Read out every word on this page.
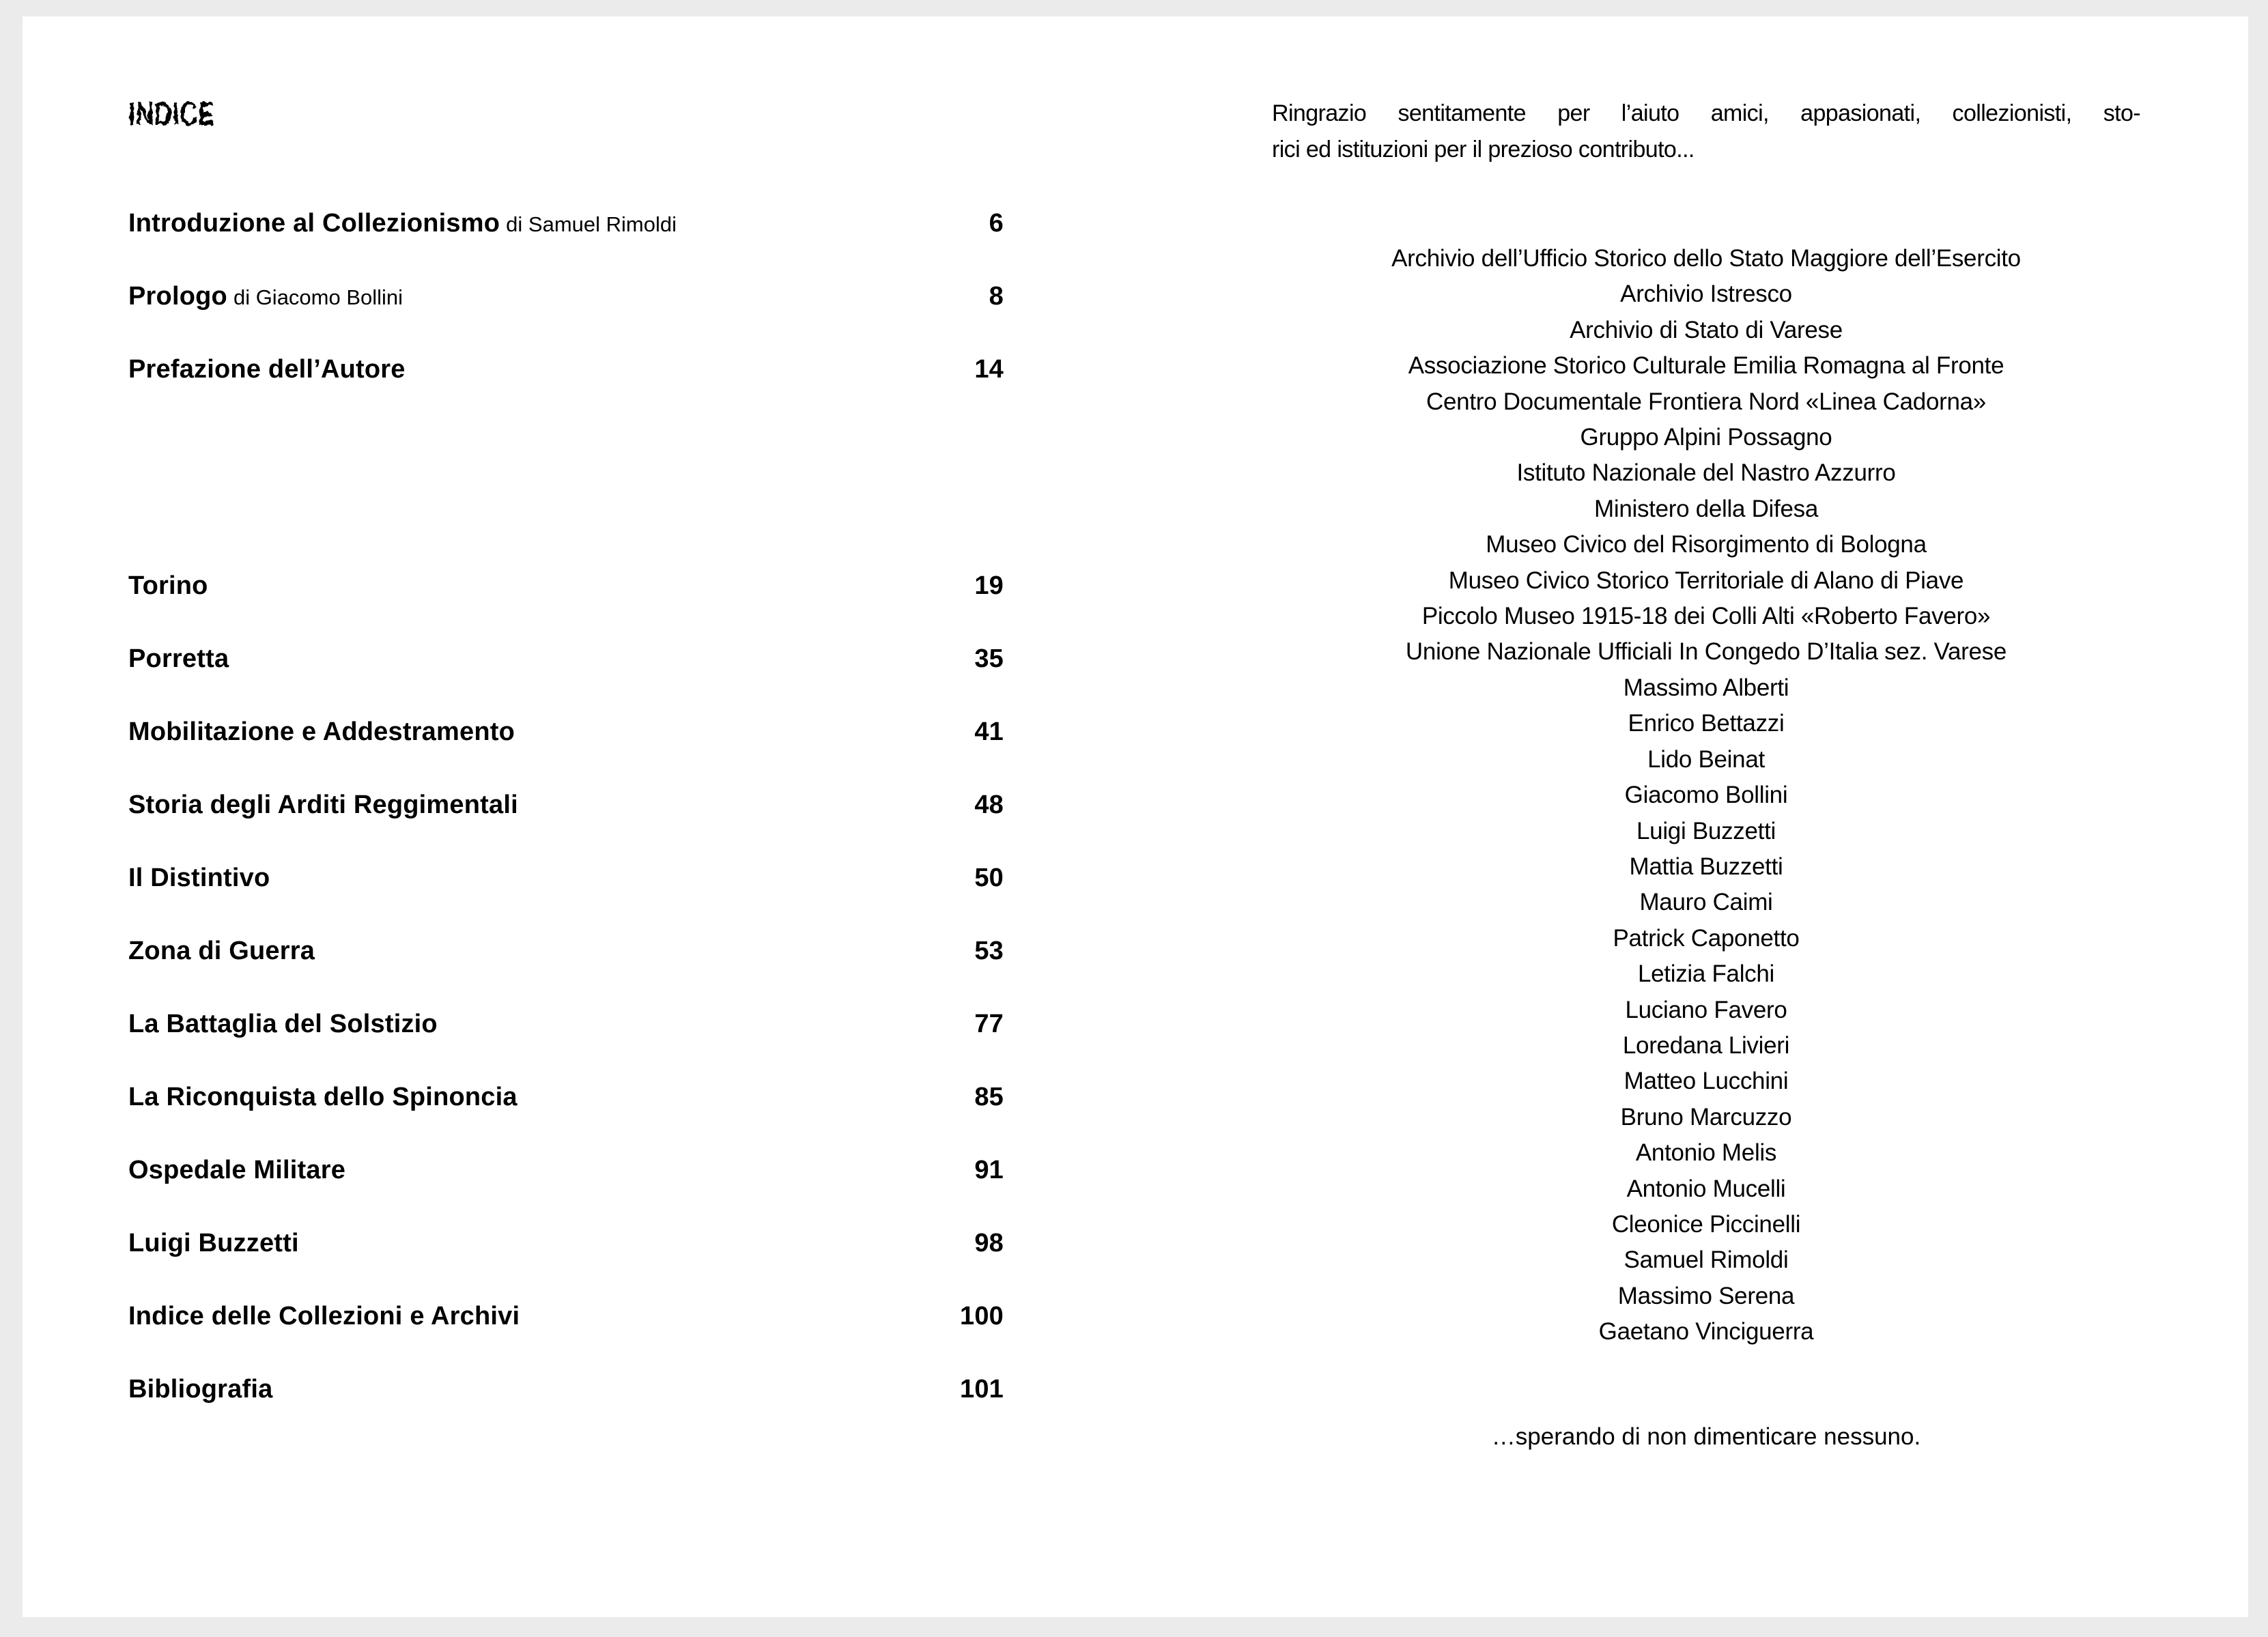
INDICE
Introduzione al Collezionismo di Samuel Rimoldi	6
Prologo di Giacomo Bollini	8
Prefazione dell’Autore	14
Torino	19
Porretta	35
Mobilitazione e Addestramento	41
Storia degli Arditi Reggimentali	48
Il Distintivo	50
Zona di Guerra	53
La Battaglia del Solstizio	77
La Riconquista dello Spinoncia	85
Ospedale Militare	91
Luigi Buzzetti	98
Indice delle Collezioni e Archivi	100
Bibliografia	101
Ringrazio sentitamente per l’aiuto amici, appasionati, collezionisti, sto-
rici ed istituzioni per il prezioso contributo...
Archivio dell’Ufficio Storico dello Stato Maggiore dell’Esercito
Archivio Istresco
Archivio di Stato di Varese
Associazione Storico Culturale Emilia Romagna al Fronte
Centro Documentale Frontiera Nord «Linea Cadorna»
Gruppo Alpini Possagno
Istituto Nazionale del Nastro Azzurro
Ministero della Difesa
Museo Civico del Risorgimento di Bologna
Museo Civico Storico Territoriale di Alano di Piave
Piccolo Museo 1915-18 dei Colli Alti «Roberto Favero»
Unione Nazionale Ufficiali In Congedo D’Italia sez. Varese
Massimo Alberti
Enrico Bettazzi
Lido Beinat
Giacomo Bollini
Luigi Buzzetti
Mattia Buzzetti
Mauro Caimi
Patrick Caponetto
Letizia Falchi
Luciano Favero
Loredana Livieri
Matteo Lucchini
Bruno Marcuzzo
Antonio Melis
Antonio Mucelli
Cleonice Piccinelli
Samuel Rimoldi
Massimo Serena
Gaetano Vinciguerra
…sperando di non dimenticare nessuno.
